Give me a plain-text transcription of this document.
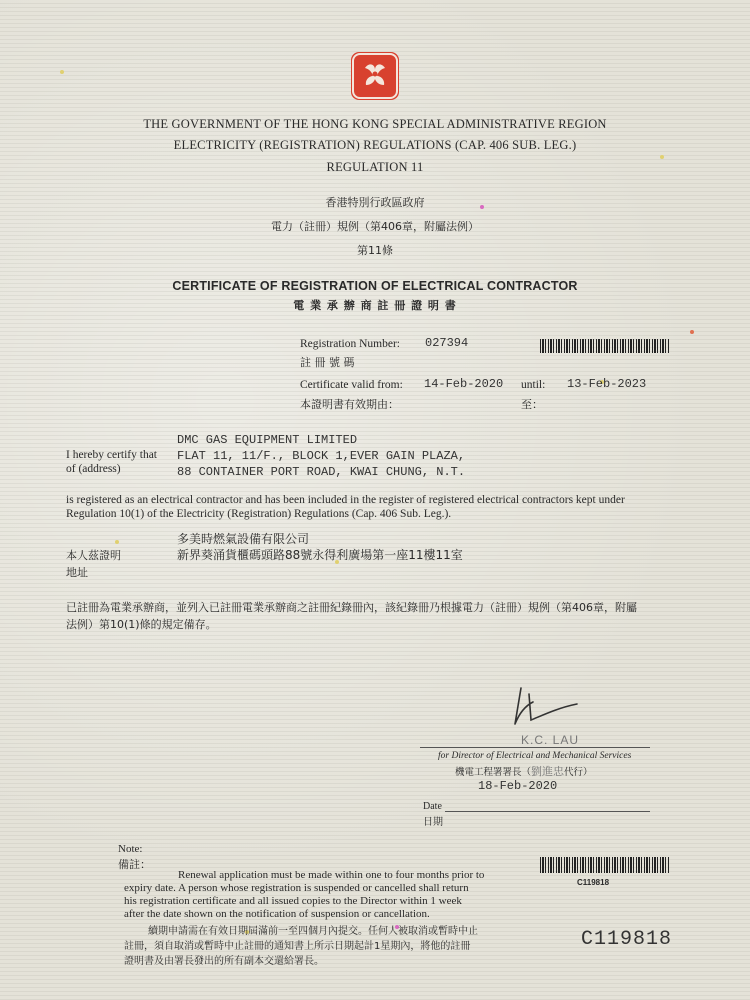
THE GOVERNMENT OF THE HONG KONG SPECIAL ADMINISTRATIVE REGION
ELECTRICITY (REGISTRATION) REGULATIONS (CAP. 406 SUB. LEG.)
REGULATION 11
香港特別行政區政府
電力（註冊）規例（第406章，附屬法例）
第11條
CERTIFICATE OF REGISTRATION OF ELECTRICAL CONTRACTOR
電 業 承 辦 商 註 冊 證 明 書
Registration Number:
註 冊 號 碼
027394
Certificate valid from:
本證明書有效期由：
14-Feb-2020 until:
至：
13-Feb-2023
I hereby certify that
of (address)
DMC GAS EQUIPMENT LIMITED
FLAT 11, 11/F., BLOCK 1,EVER GAIN PLAZA,
88 CONTAINER PORT ROAD, KWAI CHUNG, N.T.
is registered as an electrical contractor and has been included in the register of registered electrical contractors kept under
Regulation 10(1) of the Electricity (Registration) Regulations (Cap. 406 Sub. Leg.).
多美時燃氣設備有限公司
本人茲證明	新界葵涌貨櫃碼頭路88號永得利廣場第一座11樓11室
地址
已註冊為電業承辦商，並列入已註冊電業承辦商之註冊紀錄冊內，該紀錄冊乃根據電力（註冊）規例（第406章，附屬
法例）第10(1)條的規定備存。
K.C. LAU
for Director of Electrical and Mechanical Services
機電工程署署長（劉進忠代行）
18-Feb-2020
Date
日期
Note:
備註：
Renewal application must be made within one to four months prior to
expiry date. A person whose registration is suspended or cancelled shall return
his registration certificate and all issued copies to the Director within 1 week
after the date shown on the notification of suspension or cancellation.
續期申請需在有效日期屆滿前一至四個月內提交。任何人被取消或暫時中止
註冊，須自取消或暫時中止註冊的通知書上所示日期起計1星期內，將他的註冊
證明書及由署長發出的所有副本交還給署長。
C119818
C119818
